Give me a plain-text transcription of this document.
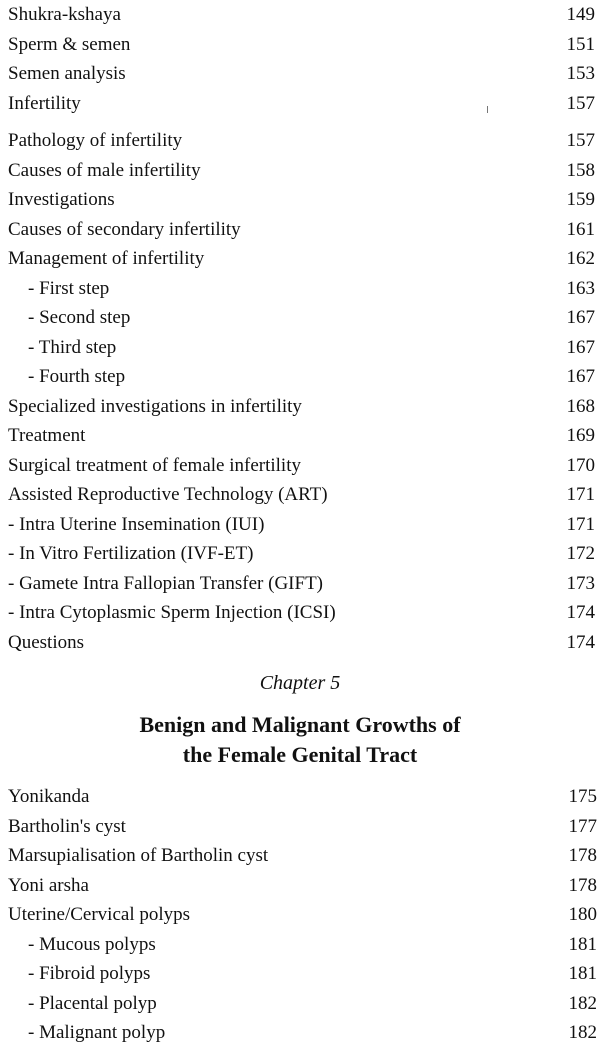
Shukra-kshaya	149
Sperm & semen	151
Semen analysis	153
Infertility	157
Pathology of infertility	157
Causes of male infertility	158
Investigations	159
Causes of secondary infertility	161
Management of infertility	162
- First step	163
- Second step	167
- Third step	167
- Fourth step	167
Specialized investigations in infertility	168
Treatment	169
Surgical treatment of female infertility	170
Assisted Reproductive Technology (ART)	171
- Intra Uterine Insemination (IUI)	171
- In Vitro Fertilization (IVF-ET)	172
- Gamete Intra Fallopian Transfer (GIFT)	173
- Intra Cytoplasmic Sperm Injection (ICSI)	174
Questions	174
Chapter 5
Benign and Malignant Growths of
the Female Genital Tract
Yonikanda	175
Bartholin's cyst	177
Marsupialisation of Bartholin cyst	178
Yoni arsha	178
Uterine/Cervical polyps	180
- Mucous polyps	181
- Fibroid polyps	181
- Placental polyp	182
- Malignant polyp	182
